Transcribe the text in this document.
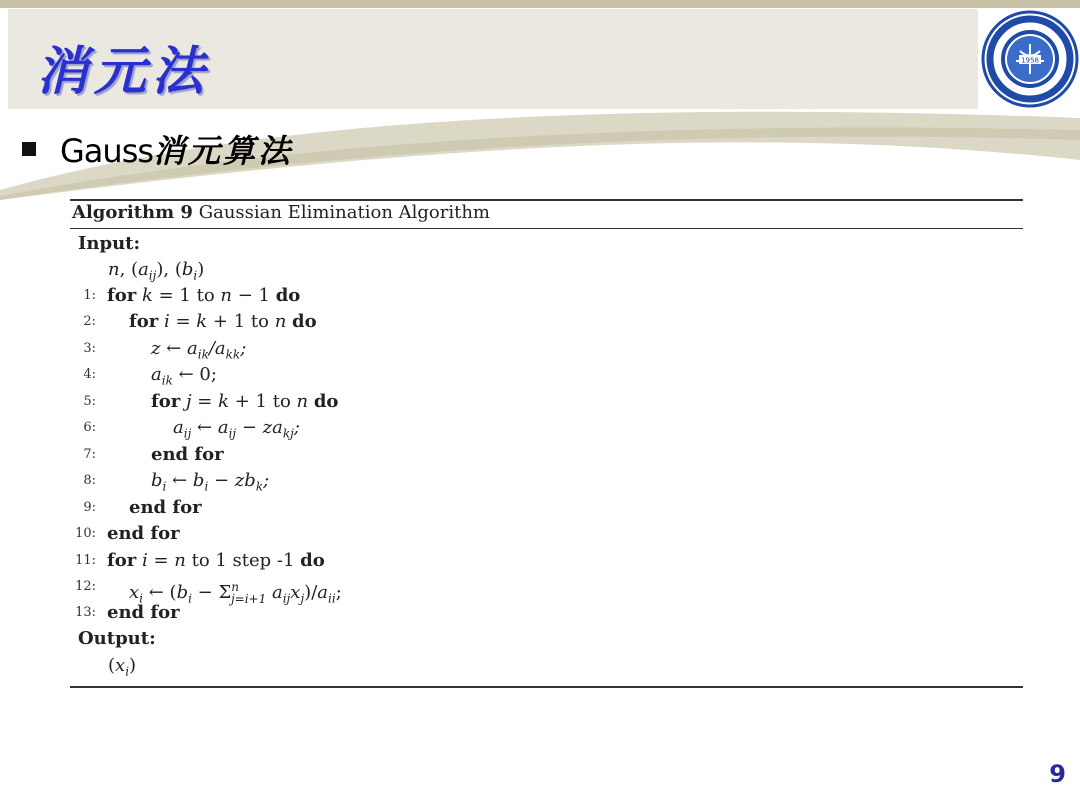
消元法	1958
Gauss消元算法
Algorithm 9 Gaussian Elimination Algorithm
Input:
n, $(a_{ij})$, $(b_i)$
1: for k = 1 to n − 1 do
2: for i = k + 1 to n do
3:	z ← $a_{ik}/a_{kk}$;
4:	$a_{ik}$ ← 0;
5:	for j = k + 1 to n do
6:	$a_{ij}$ ← $a_{ij} - za_{kj}$;
7:	end for
8:	$b_i$ ← $b_i - zb_k$;
9: end for
10: end for
11: for i = n to 1 step -1 do
12: $x_i$ ← ($b_i - \Sigma^n_{j=i+1}$ $a_{ij}x_j)/a_{ii}$;
13: end for
Output:
$(x_i)$
9
